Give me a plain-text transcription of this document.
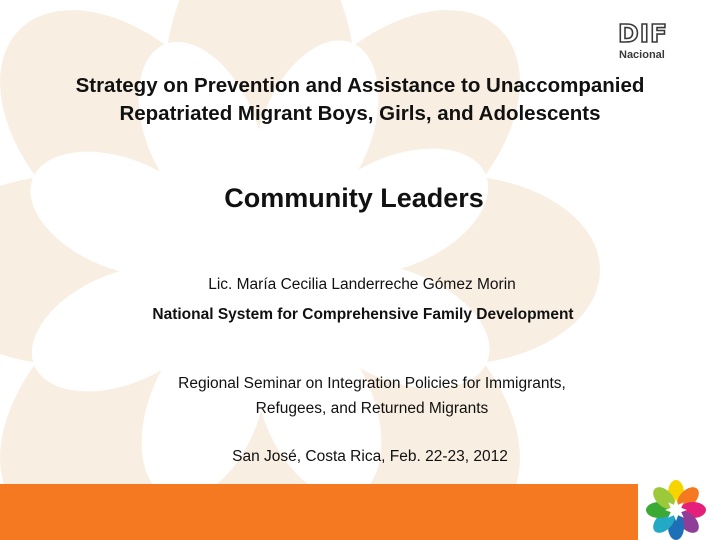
DIF
Nacional
Strategy on Prevention and Assistance to Unaccompanied
Repatriated Migrant Boys, Girls, and Adolescents
Community Leaders
Lic. María Cecilia Landerreche Gómez Morin
National System for Comprehensive Family Development
Regional Seminar on Integration Policies for Immigrants,
Refugees, and Returned Migrants
San José, Costa Rica, Feb. 22-23, 2012
